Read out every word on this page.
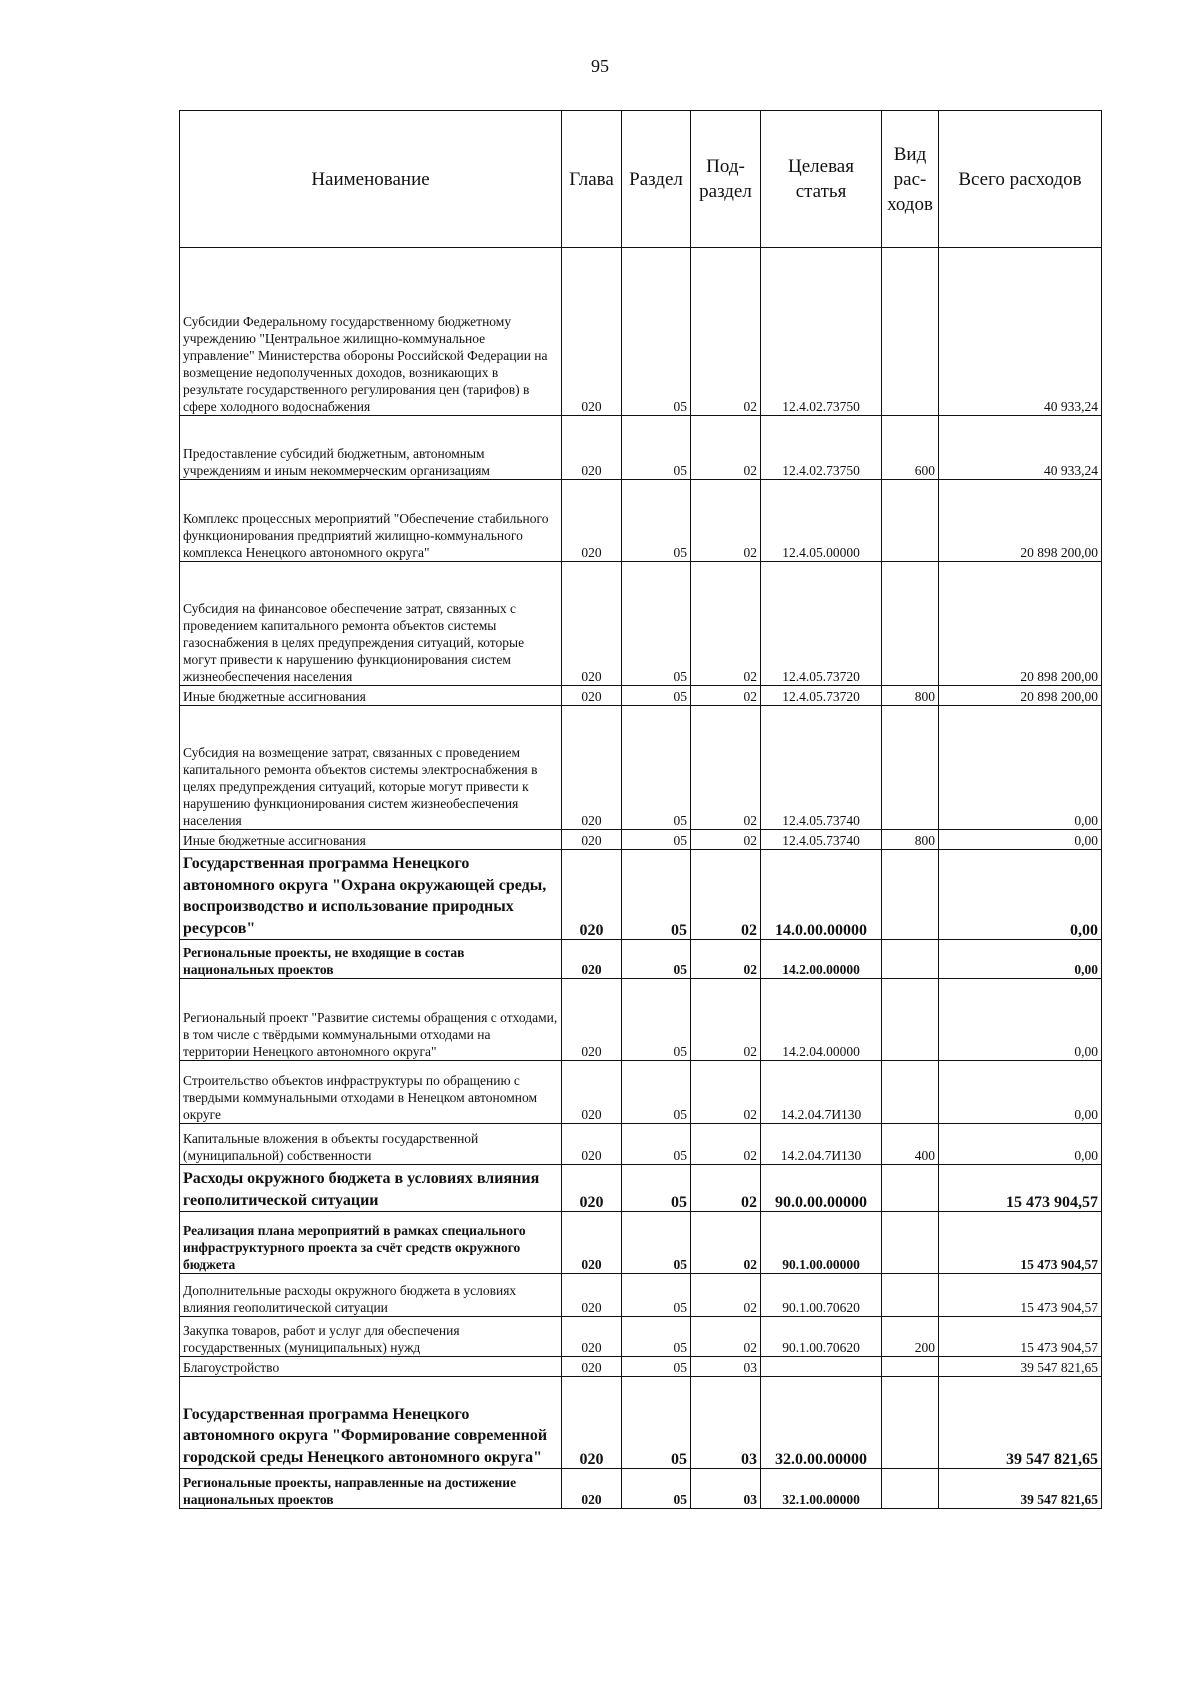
95
Наименование	Глава	Раздел	Под-раздел	Целевая статья	Вид рас-ходов	Всего расходов
Субсидии Федеральному государственному бюджетному учреждению "Центральное жилищно-коммунальное управление" Министерства обороны Российской Федерации на возмещение недополученных доходов, возникающих в результате государственного регулирования цен (тарифов) в сфере холодного водоснабжения	020	05	02	12.4.02.73750		40 933,24
Предоставление субсидий бюджетным, автономным учреждениям и иным некоммерческим организациям	020	05	02	12.4.02.73750	600	40 933,24
Комплекс процессных мероприятий "Обеспечение стабильного функционирования предприятий жилищно-коммунального комплекса Ненецкого автономного округа"	020	05	02	12.4.05.00000		20 898 200,00
Субсидия на финансовое обеспечение затрат, связанных с проведением капитального ремонта объектов системы газоснабжения в целях предупреждения ситуаций, которые могут привести к нарушению функционирования систем жизнеобеспечения населения	020	05	02	12.4.05.73720		20 898 200,00
Иные бюджетные ассигнования	020	05	02	12.4.05.73720	800	20 898 200,00
Субсидия на возмещение затрат, связанных с проведением капитального ремонта объектов системы электроснабжения в целях предупреждения ситуаций, которые могут привести к нарушению функционирования систем жизнеобеспечения населения	020	05	02	12.4.05.73740		0,00
Иные бюджетные ассигнования	020	05	02	12.4.05.73740	800	0,00
Государственная программа Ненецкого автономного округа "Охрана окружающей среды, воспроизводство и использование природных ресурсов"	020	05	02	14.0.00.00000		0,00
Региональные проекты, не входящие в состав национальных проектов	020	05	02	14.2.00.00000		0,00
Региональный проект "Развитие системы обращения с отходами, в том числе с твёрдыми коммунальными отходами на территории Ненецкого автономного округа"	020	05	02	14.2.04.00000		0,00
Строительство объектов инфраструктуры по обращению с твердыми коммунальными отходами в Ненецком автономном округе	020	05	02	14.2.04.7И130		0,00
Капитальные вложения в объекты государственной (муниципальной) собственности	020	05	02	14.2.04.7И130	400	0,00
Расходы окружного бюджета в условиях влияния геополитической ситуации	020	05	02	90.0.00.00000		15 473 904,57
Реализация плана мероприятий в рамках специального инфраструктурного проекта за счёт средств окружного бюджета	020	05	02	90.1.00.00000		15 473 904,57
Дополнительные расходы окружного бюджета в условиях влияния геополитической ситуации	020	05	02	90.1.00.70620		15 473 904,57
Закупка товаров, работ и услуг для обеспечения государственных (муниципальных) нужд	020	05	02	90.1.00.70620	200	15 473 904,57
Благоустройство	020	05	03			39 547 821,65
Государственная программа Ненецкого автономного округа "Формирование современной городской среды Ненецкого автономного округа"	020	05	03	32.0.00.00000		39 547 821,65
Региональные проекты, направленные на достижение национальных проектов	020	05	03	32.1.00.00000		39 547 821,65
